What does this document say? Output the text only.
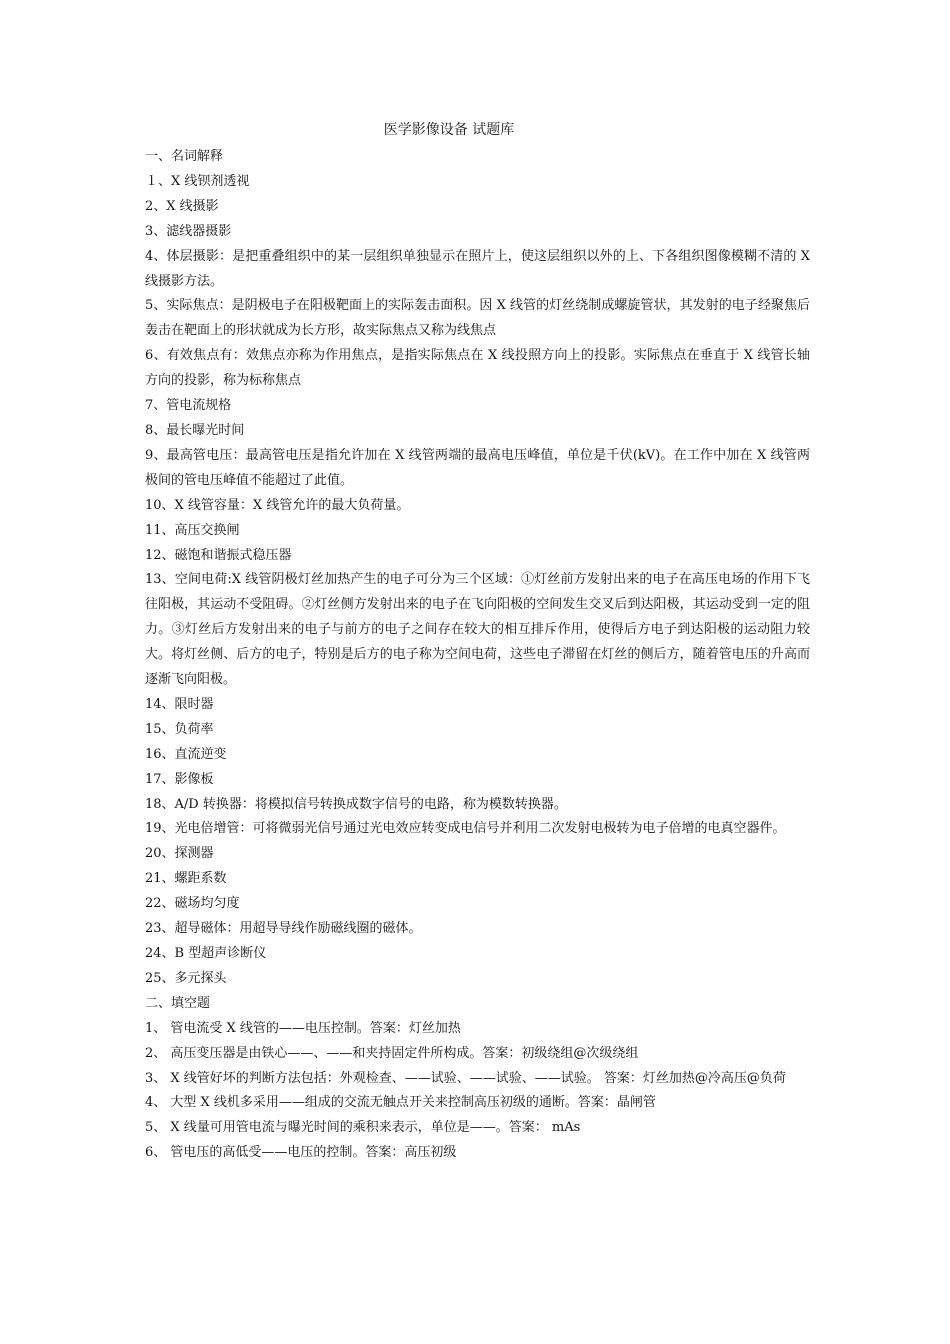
医学影像设备 试题库
一、名词解释
１、X 线钡剂透视
2、X 线摄影
3、滤线器摄影
4、体层摄影：是把重叠组织中的某一层组织单独显示在照片上，使这层组织以外的上、下各组织图像模糊不清的 X 线摄影方法。
5、实际焦点：是阴极电子在阳极靶面上的实际轰击面积。因 X 线管的灯丝绕制成螺旋管状，其发射的电子经聚焦后轰击在靶面上的形状就成为长方形，故实际焦点又称为线焦点
6、有效焦点有：效焦点亦称为作用焦点，是指实际焦点在 X 线投照方向上的投影。实际焦点在垂直于 X 线管长轴方向的投影，称为标称焦点
7、管电流规格
8、最长曝光时间
9、最高管电压：最高管电压是指允许加在 X 线管两端的最高电压峰值，单位是千伏(kV)。在工作中加在 X 线管两极间的管电压峰值不能超过了此值。
10、X 线管容量：X 线管允许的最大负荷量。
11、高压交换闸
12、磁饱和谐振式稳压器
13、空间电荷:X 线管阴极灯丝加热产生的电子可分为三个区域：①灯丝前方发射出来的电子在高压电场的作用下飞往阳极，其运动不受阻碍。②灯丝侧方发射出来的电子在飞向阳极的空间发生交叉后到达阳极，其运动受到一定的阻力。③灯丝后方发射出来的电子与前方的电子之间存在较大的相互排斥作用，使得后方电子到达阳极的运动阻力较大。将灯丝侧、后方的电子，特别是后方的电子称为空间电荷，这些电子滞留在灯丝的侧后方，随着管电压的升高而逐渐飞向阳极。
14、限时器
15、负荷率
16、直流逆变
17、影像板
18、A/D 转换器：将模拟信号转换成数字信号的电路，称为模数转换器。
19、光电倍增管：可将微弱光信号通过光电效应转变成电信号并利用二次发射电极转为电子倍增的电真空器件。
20、探测器
21、螺距系数
22、磁场均匀度
23、超导磁体：用超导导线作励磁线圈的磁体。
24、B 型超声诊断仪
25、多元探头
二、填空题
1、 管电流受 X 线管的——电压控制。答案：灯丝加热
2、 高压变压器是由铁心——、——和夹持固定件所构成。答案：初级绕组@次级绕组
3、 X 线管好坏的判断方法包括：外观检查、——试验、——试验、——试验。 答案：灯丝加热@冷高压@负荷
4、 大型 X 线机多采用——组成的交流无触点开关来控制高压初级的通断。答案：晶闸管
5、 X 线量可用管电流与曝光时间的乘积来表示，单位是——。答案： mAs
6、 管电压的高低受——电压的控制。答案：高压初级
